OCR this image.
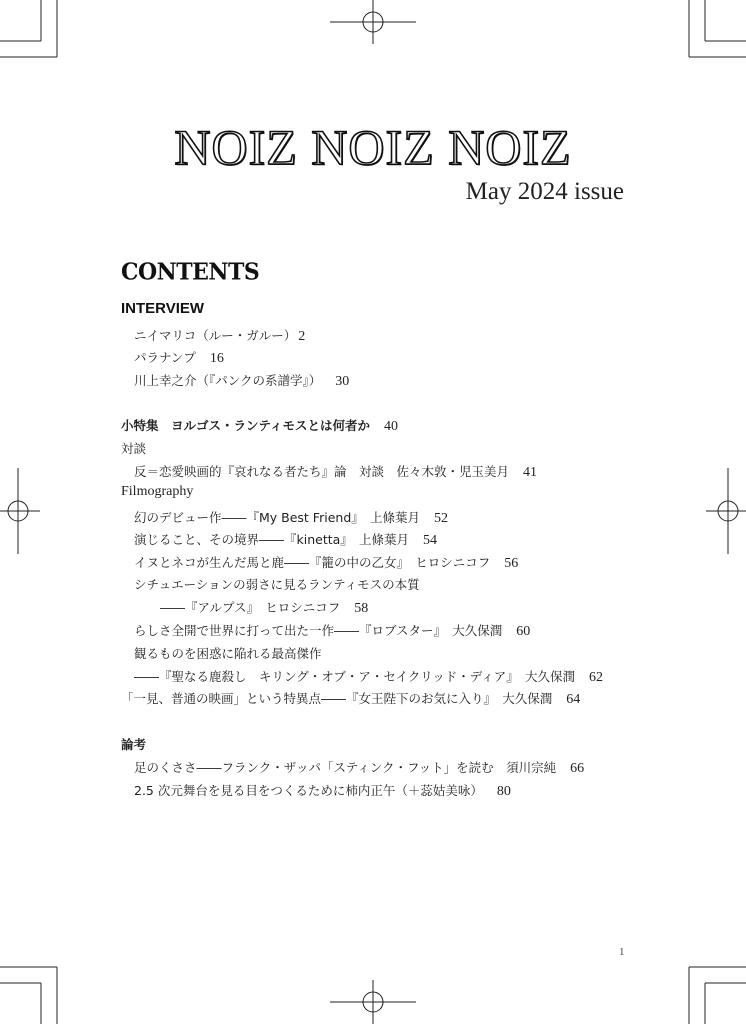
NOIZ NOIZ NOIZ
May 2024 issue
CONTENTS
INTERVIEW
ニイマリコ（ルー・ガルー） 2
パラナンプ 16
川上幸之介（『パンクの系譜学』） 30
小特集　ヨルゴス・ランティモスとは何者か 40
対談
反＝恋愛映画的『哀れなる者たち』論　対談　佐々木敦・児玉美月 41
Filmography
幻のデビュー作――『My Best Friend』　上條葉月 52
演じること、その境界――『kinetta』　上條葉月 54
イヌとネコが生んだ馬と鹿――『籠の中の乙女』　ヒロシニコフ 56
シチュエーションの弱さに見るランティモスの本質
――『アルプス』　ヒロシニコフ 58
らしさ全開で世界に打って出た一作――『ロブスター』　大久保潤 60
観るものを困惑に陥れる最高傑作
――『聖なる鹿殺し　キリング・オブ・ア・セイクリッド・ディア』　大久保潤 62
「一見、普通の映画」という特異点――『女王陛下のお気に入り』　大久保潤 64
論考
足のくささ――フランク・ザッパ「スティンク・フット」を読む　須川宗純 66
2.5 次元舞台を見る目をつくるために柿内正午（＋蕊姑美咏） 80
1
